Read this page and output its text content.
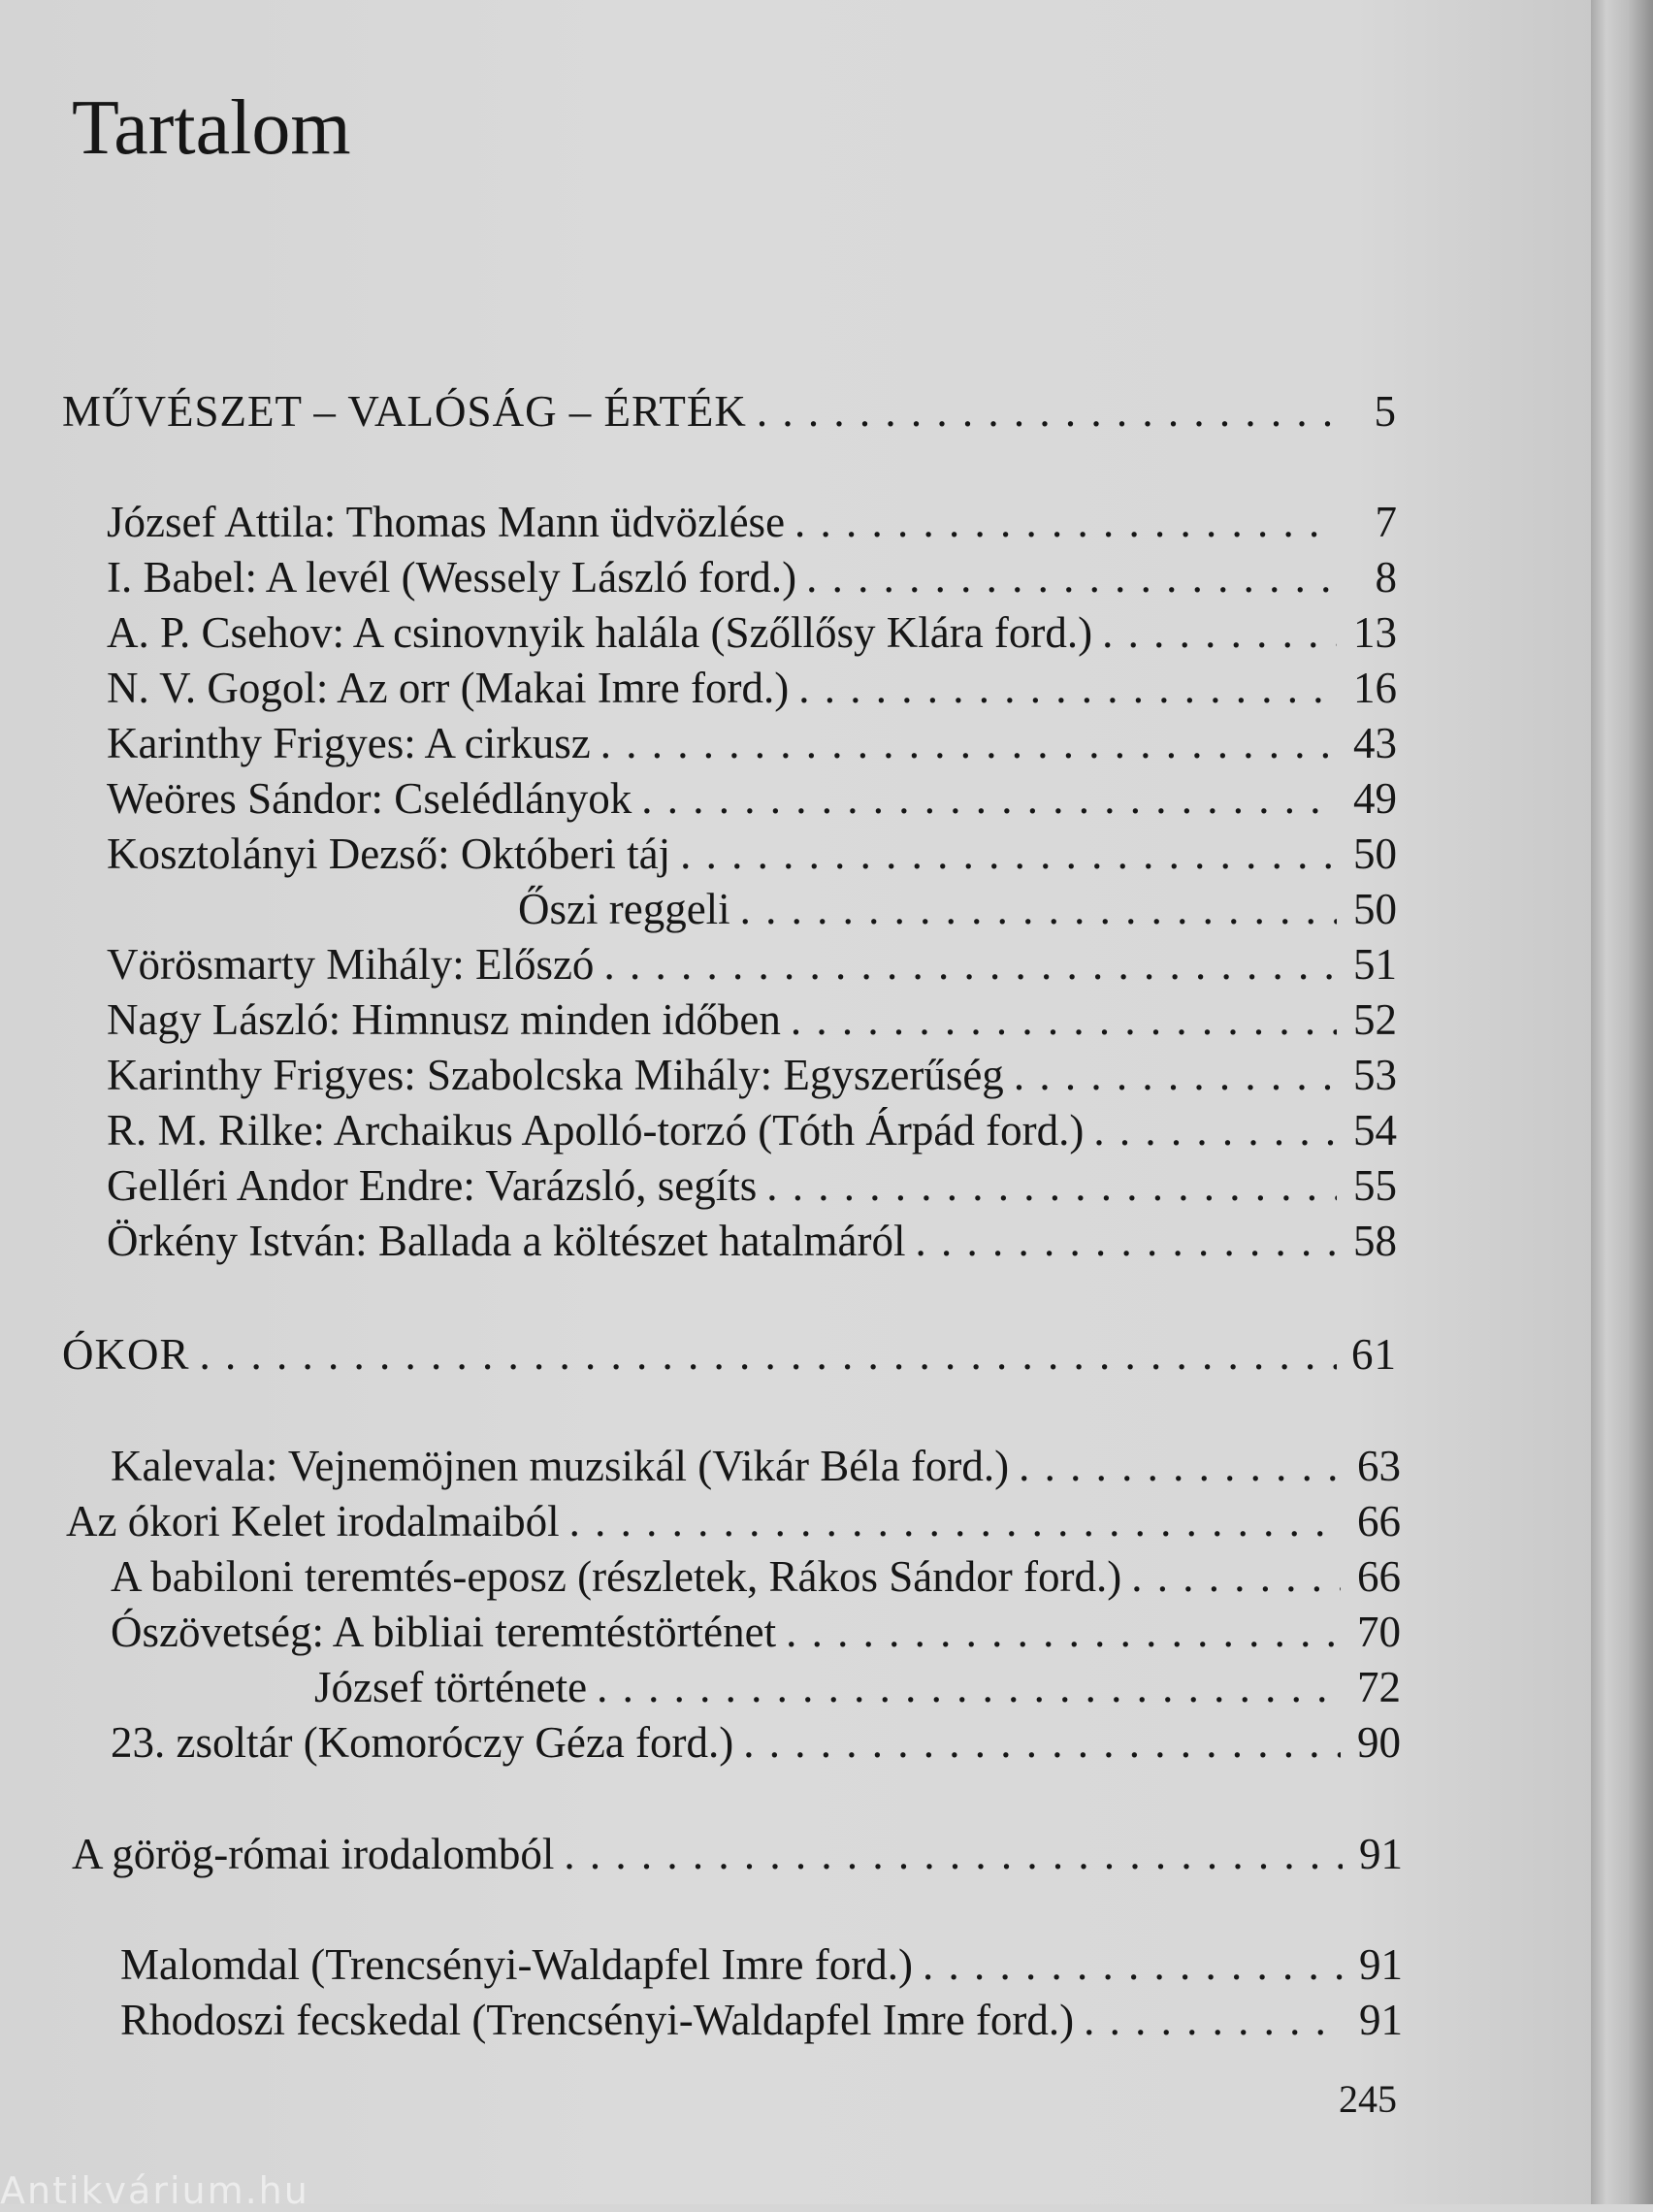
Tartalom
MŰVÉSZET – VALÓSÁG – ÉRTÉK . . .	5
József Attila: Thomas Mann üdvözlése . . .	7
I. Babel: A levél (Wessely László ford.) . . .	8
A. P. Csehov: A csinovnyik halála (Szőllősy Klára ford.) . . .	13
N. V. Gogol: Az orr (Makai Imre ford.) . . .	16
Karinthy Frigyes: A cirkusz . . .	43
Weöres Sándor: Cselédlányok . . .	49
Kosztolányi Dezső: Októberi táj . . .	50
Őszi reggeli . . .	50
Vörösmarty Mihály: Előszó . . .	51
Nagy László: Himnusz minden időben . . .	52
Karinthy Frigyes: Szabolcska Mihály: Egyszerűség . . .	53
R. M. Rilke: Archaikus Apolló-torzó (Tóth Árpád ford.) . . .	54
Gelléri Andor Endre: Varázsló, segíts . . .	55
Örkény István: Ballada a költészet hatalmáról . . .	58
ÓKOR . . .	61
Kalevala: Vejnemöjnen muzsikál (Vikár Béla ford.) . . .	63
Az ókori Kelet irodalmaiból . . .	66
A babiloni teremtés-eposz (részletek, Rákos Sándor ford.) . . .	66
Ószövetség: A bibliai teremtéstörténet . . .	70
József története . . .	72
23. zsoltár (Komoróczy Géza ford.) . . .	90
A görög-római irodalomból . . .	91
Malomdal (Trencsényi-Waldapfel Imre ford.) . . .	91
Rhodoszi fecskedal (Trencsényi-Waldapfel Imre ford.) . . .	91
245
Antikvárium.hu
